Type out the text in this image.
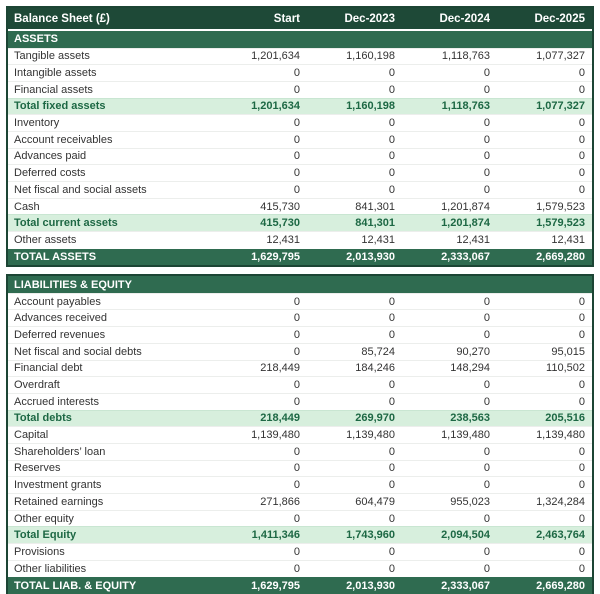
Balance Sheet (£)	Start	Dec-2023	Dec-2024	Dec-2025
ASSETS
Tangible assets	1,201,634	1,160,198	1,118,763	1,077,327
Intangible assets	0	0	0	0
Financial assets	0	0	0	0
Total fixed assets	1,201,634	1,160,198	1,118,763	1,077,327
Inventory	0	0	0	0
Account receivables	0	0	0	0
Advances paid	0	0	0	0
Deferred costs	0	0	0	0
Net fiscal and social assets	0	0	0	0
Cash	415,730	841,301	1,201,874	1,579,523
Total current assets	415,730	841,301	1,201,874	1,579,523
Other assets	12,431	12,431	12,431	12,431
TOTAL ASSETS	1,629,795	2,013,930	2,333,067	2,669,280
LIABILITIES & EQUITY
Account payables	0	0	0	0
Advances received	0	0	0	0
Deferred revenues	0	0	0	0
Net fiscal and social debts	0	85,724	90,270	95,015
Financial debt	218,449	184,246	148,294	110,502
Overdraft	0	0	0	0
Accrued interests	0	0	0	0
Total debts	218,449	269,970	238,563	205,516
Capital	1,139,480	1,139,480	1,139,480	1,139,480
Shareholders’ loan	0	0	0	0
Reserves	0	0	0	0
Investment grants	0	0	0	0
Retained earnings	271,866	604,479	955,023	1,324,284
Other equity	0	0	0	0
Total Equity	1,411,346	1,743,960	2,094,504	2,463,764
Provisions	0	0	0	0
Other liabilities	0	0	0	0
TOTAL LIAB. & EQUITY	1,629,795	2,013,930	2,333,067	2,669,280
